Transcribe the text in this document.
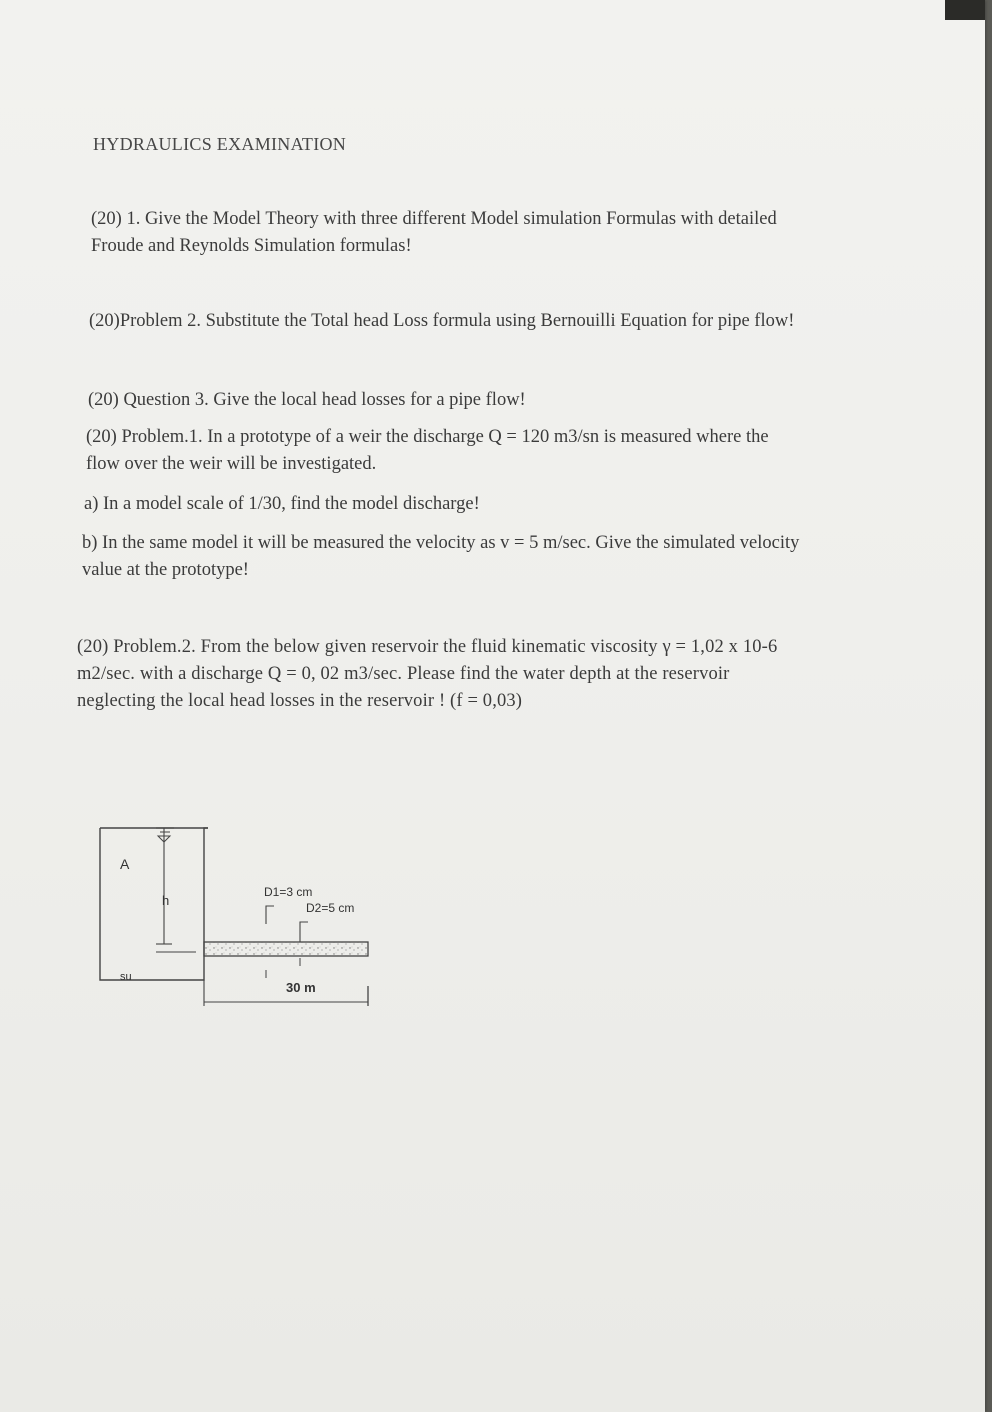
HYDRAULICS EXAMINATION
(20) 1. Give the Model Theory with three different Model simulation Formulas with detailed
Froude and Reynolds Simulation formulas!
(20)Problem 2. Substitute the Total head Loss formula using Bernouilli Equation for pipe flow!
(20) Question 3. Give the local head losses for a pipe flow!
(20) Problem.1. In a prototype of a weir the discharge Q = 120 m3/sn is measured where the
flow over the weir will be investigated.
a) In a model scale of 1/30, find the model discharge!
b) In the same model it will be measured the velocity as v = 5 m/sec. Give the simulated velocity
value at the prototype!
(20) Problem.2. From the below given reservoir the fluid kinematic viscosity γ = 1,02 x 10-6
m2/sec. with a discharge Q = 0, 02 m3/sec. Please find the water depth at the reservoir
neglecting the local head losses in the reservoir ! (f = 0,03)
A
h
su
D1=3 cm
D2=5 cm
30 m
